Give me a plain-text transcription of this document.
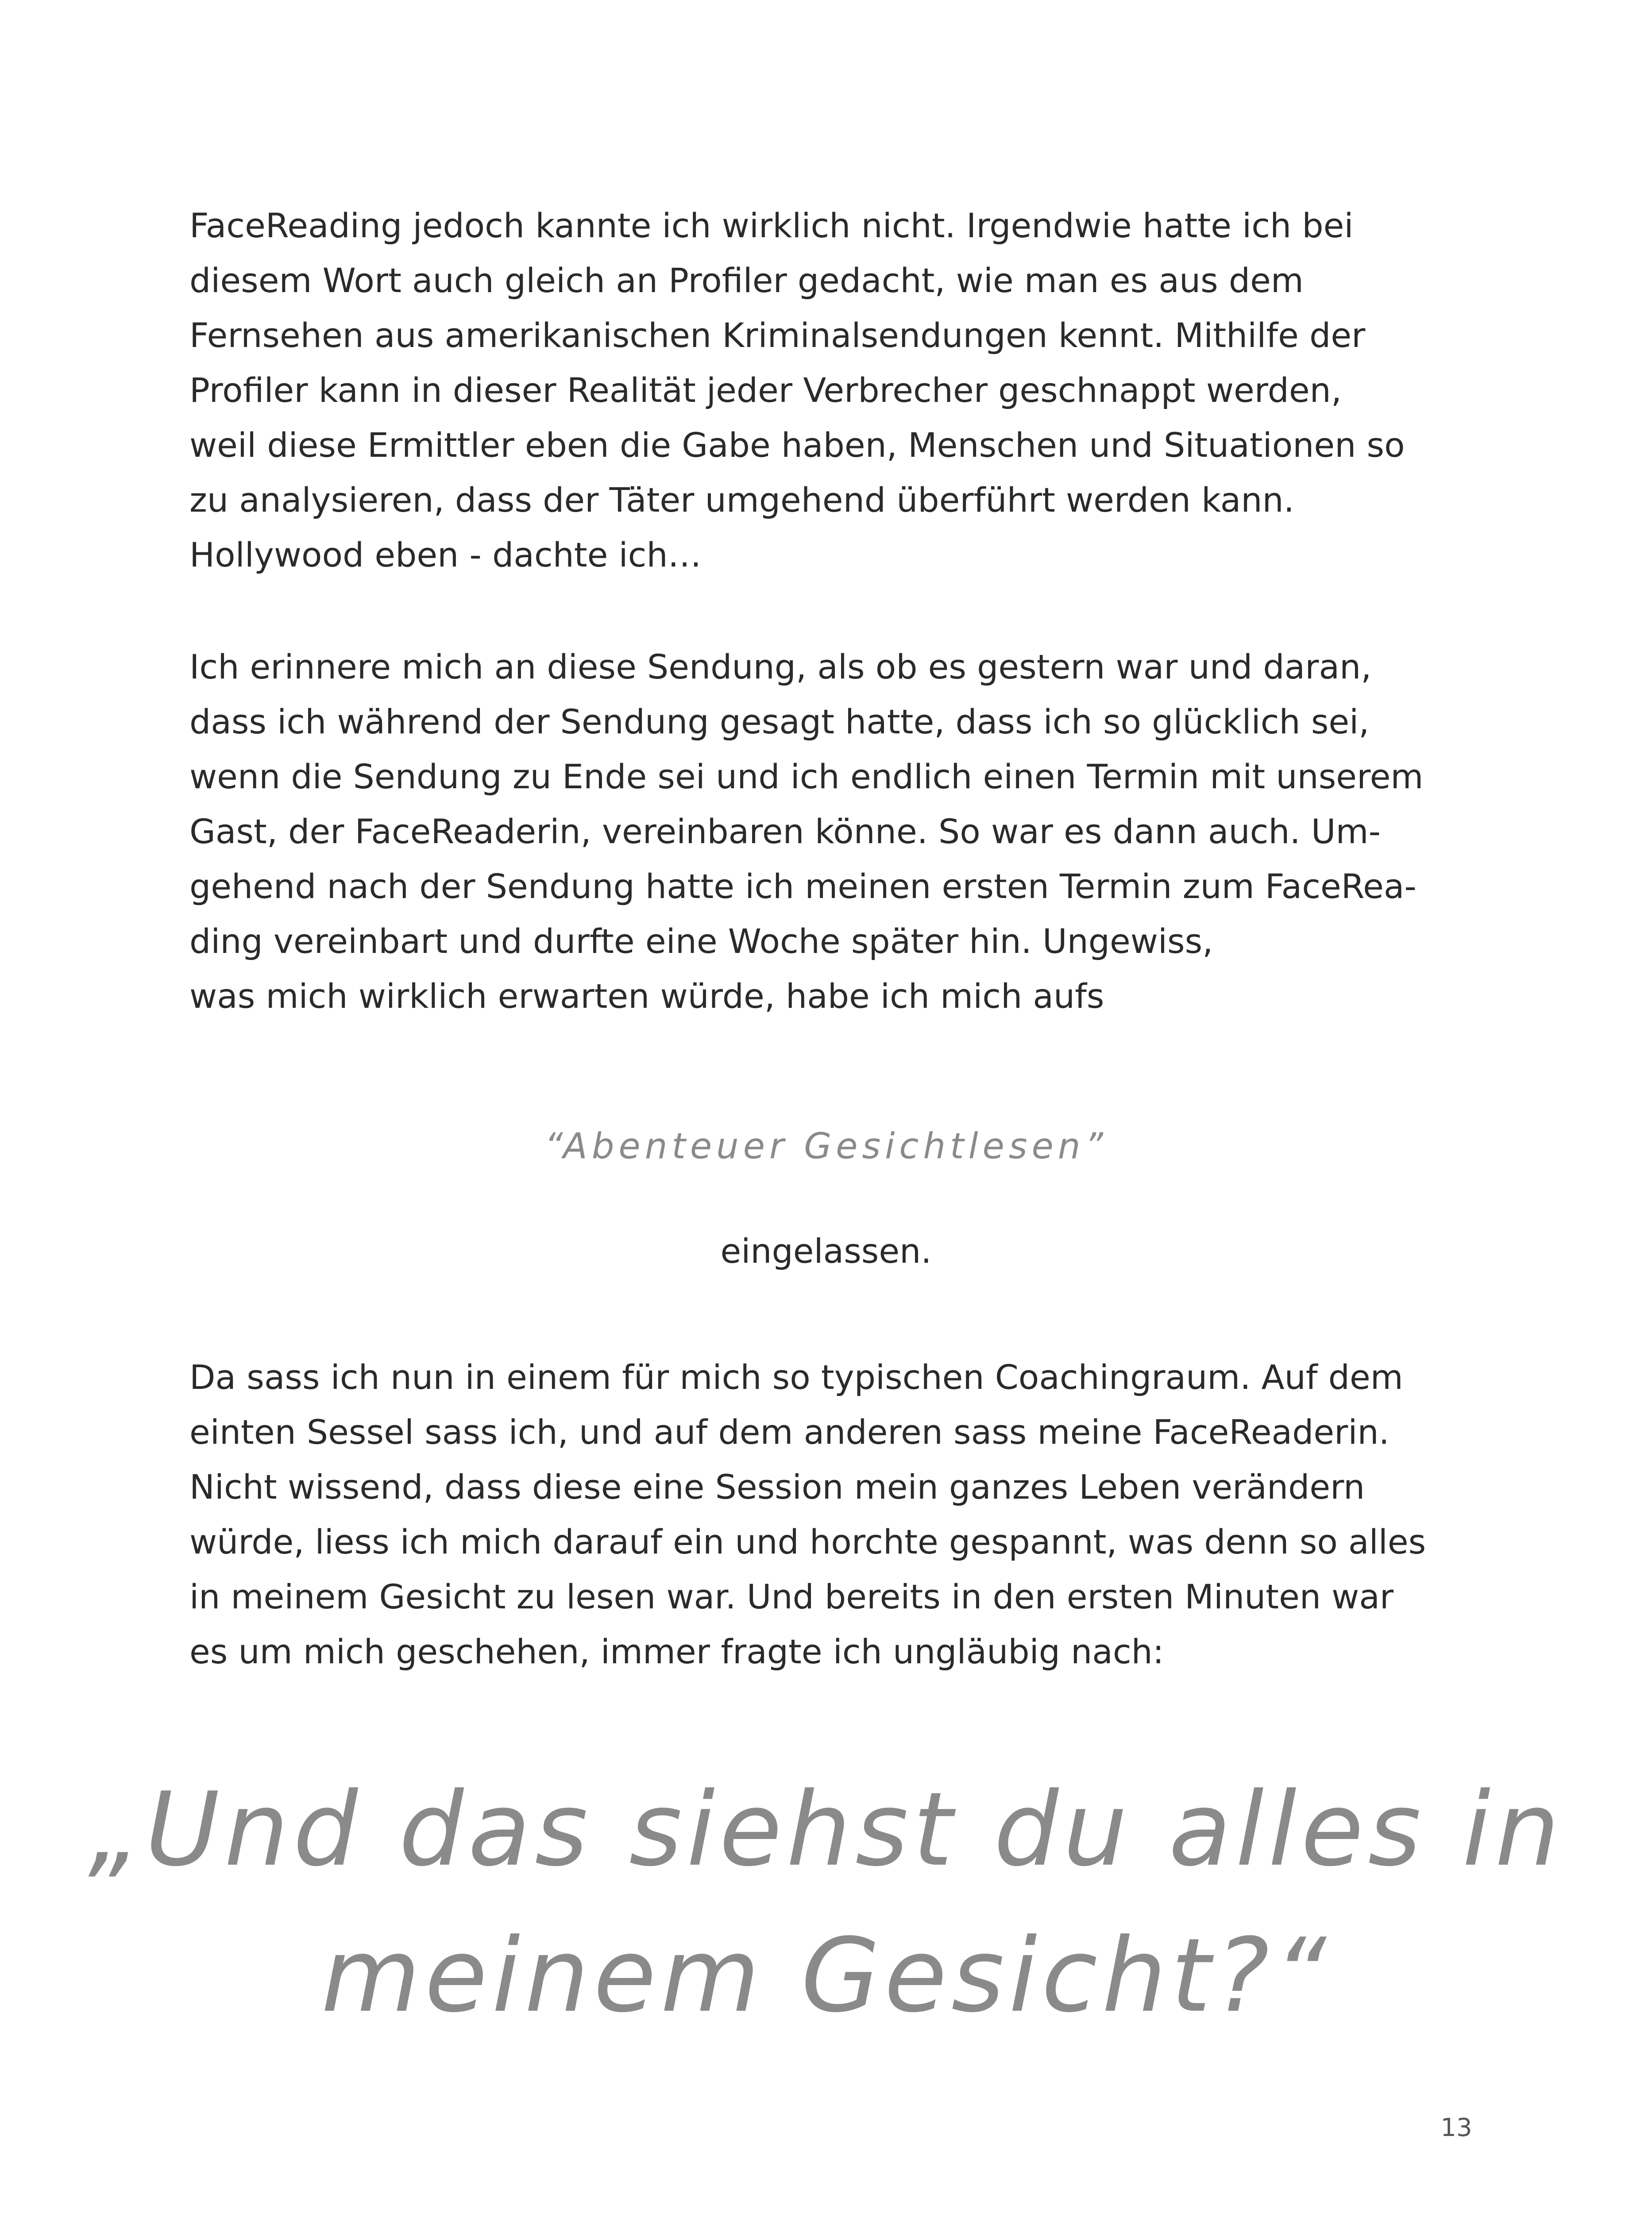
FaceReading jedoch kannte ich wirklich nicht. Irgendwie hatte ich bei
diesem Wort auch gleich an Profiler gedacht, wie man es aus dem
Fernsehen aus amerikanischen Kriminalsendungen kennt. Mithilfe der
Profiler kann in dieser Realität jeder Verbrecher geschnappt werden,
weil diese Ermittler eben die Gabe haben, Menschen und Situationen so
zu analysieren, dass der Täter umgehend überführt werden kann.
Hollywood eben - dachte ich…

Ich erinnere mich an diese Sendung, als ob es gestern war und daran,
dass ich während der Sendung gesagt hatte, dass ich so glücklich sei,
wenn die Sendung zu Ende sei und ich endlich einen Termin mit unserem
Gast, der FaceReaderin, vereinbaren könne. So war es dann auch. Um-
gehend nach der Sendung hatte ich meinen ersten Termin zum FaceRea-
ding vereinbart und durfte eine Woche später hin. Ungewiss,
was mich wirklich erwarten würde, habe ich mich aufs

“Abenteuer Gesichtlesen”

eingelassen.

Da sass ich nun in einem für mich so typischen Coachingraum. Auf dem
einten Sessel sass ich, und auf dem anderen sass meine FaceReaderin.
Nicht wissend, dass diese eine Session mein ganzes Leben verändern
würde, liess ich mich darauf ein und horchte gespannt, was denn so alles
in meinem Gesicht zu lesen war. Und bereits in den ersten Minuten war
es um mich geschehen, immer fragte ich ungläubig nach:

„Und das siehst du alles in
meinem Gesicht?“

13
